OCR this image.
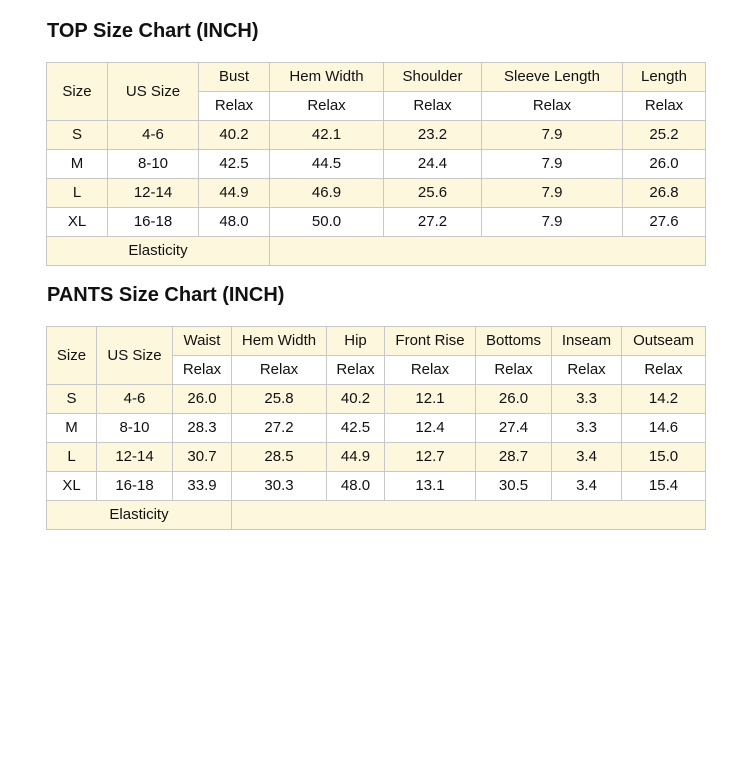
TOP Size Chart (INCH)
Size	US Size	Bust	Hem Width	Shoulder	Sleeve Length	Length
		Relax	Relax	Relax	Relax	Relax
S	4-6	40.2	42.1	23.2	7.9	25.2
M	8-10	42.5	44.5	24.4	7.9	26.0
L	12-14	44.9	46.9	25.6	7.9	26.8
XL	16-18	48.0	50.0	27.2	7.9	27.6
Elasticity						
PANTS Size Chart (INCH)
Size	US Size	Waist	Hem Width	Hip	Front Rise	Bottoms	Inseam	Outseam
		Relax	Relax	Relax	Relax	Relax	Relax	Relax
S	4-6	26.0	25.8	40.2	12.1	26.0	3.3	14.2
M	8-10	28.3	27.2	42.5	12.4	27.4	3.3	14.6
L	12-14	30.7	28.5	44.9	12.7	28.7	3.4	15.0
XL	16-18	33.9	30.3	48.0	13.1	30.5	3.4	15.4
Elasticity								
